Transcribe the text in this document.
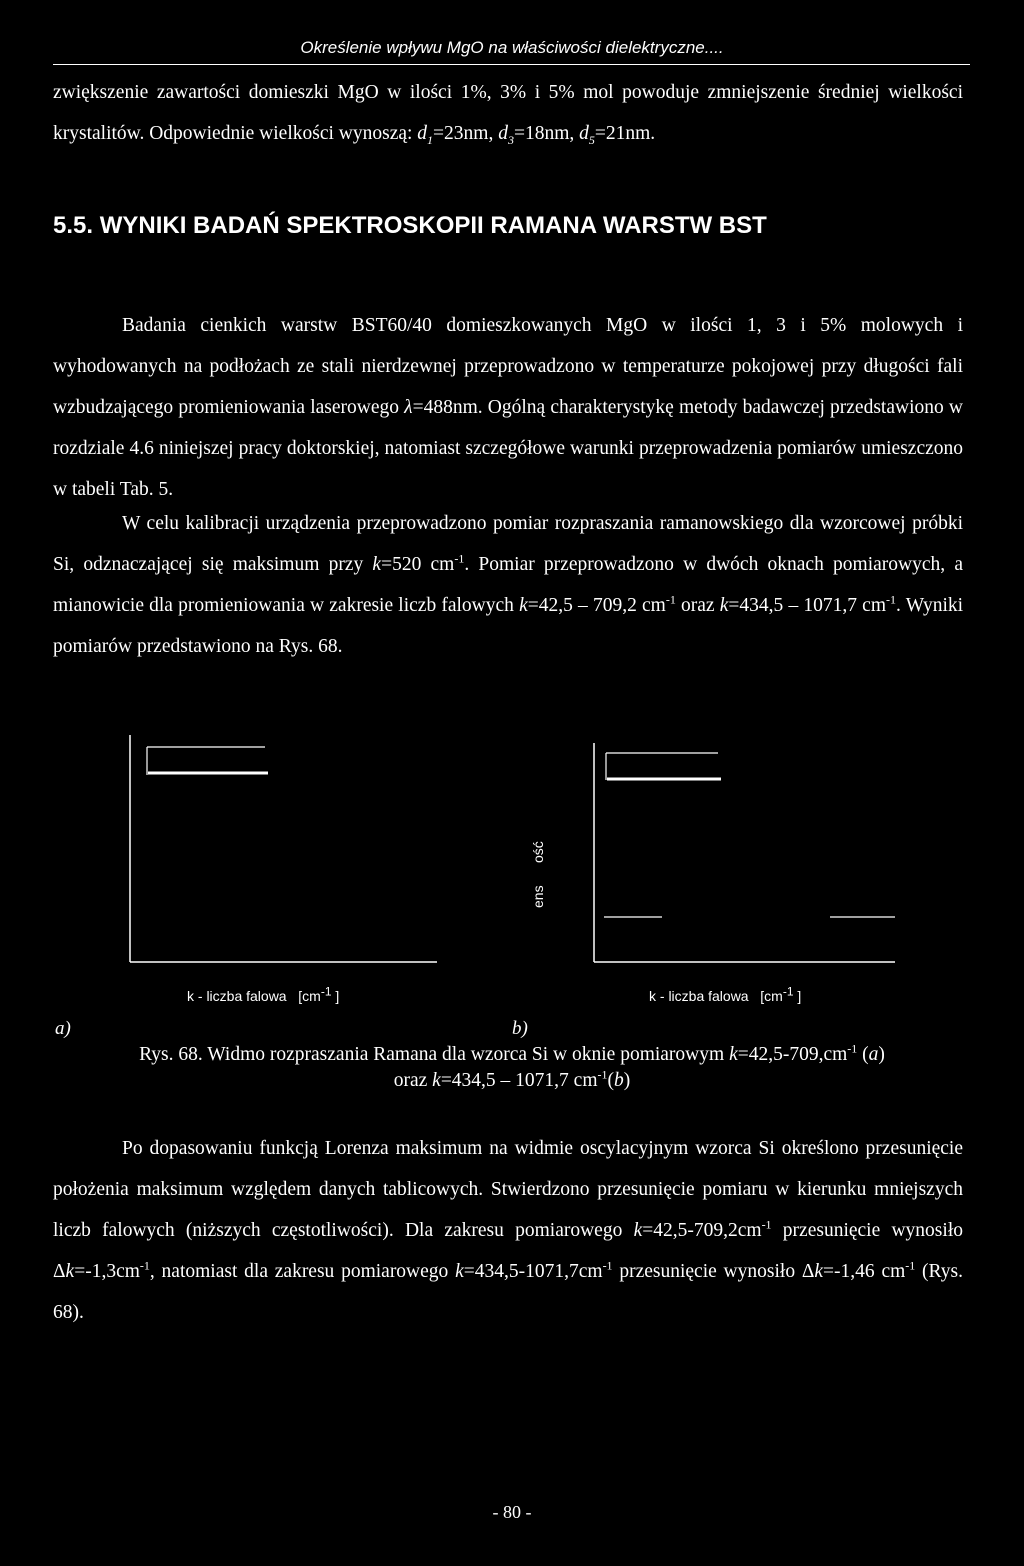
Określenie wpływu MgO na właściwości dielektryczne....
zwiększenie zawartości domieszki MgO w ilości 1%, 3% i 5% mol powoduje zmniejszenie średniej wielkości krystalitów. Odpowiednie wielkości wynoszą: $d_1=23nm$, $d_3=18nm$, $d_5=21nm$.
5.5. WYNIKI BADAŃ SPEKTROSKOPII RAMANA WARSTW BST
Badania cienkich warstw BST60/40 domieszkowanych MgO w ilości 1, 3 i 5% molowych i wyhodowanych na podłożach ze stali nierdzewnej przeprowadzono w temperaturze pokojowej przy długości fali wzbudzającego promieniowania laserowego λ=488nm. Ogólną charakterystykę metody badawczej przedstawiono w rozdziale 4.6 niniejszej pracy doktorskiej, natomiast szczegółowe warunki przeprowadzenia pomiarów umieszczono w tabeli Tab. 5.
W celu kalibracji urządzenia przeprowadzono pomiar rozpraszania ramanowskiego dla wzorcowej próbki Si, odznaczającej się maksimum przy k=520 $cm^{-1}$. Pomiar przeprowadzono w dwóch oknach pomiarowych, a mianowicie dla promieniowania w zakresie liczb falowych k=42,5 – 709,2 $cm^{-1}$ oraz k=434,5 – 1071,7 $cm^{-1}$. Wyniki pomiarów przedstawiono na Rys. 68.
ens
ość
k - liczba falowa [$cm^{-1}$ ]	k - liczba falowa [$cm^{-1}$ ]
a)	b)
Rys. 68. Widmo rozpraszania Ramana dla wzorca Si w oknie pomiarowym $k=42,5-709,cm^{-1}$ (a)
oraz k=434,5 – 1071,7 $cm^{-1}(b)$
Po dopasowaniu funkcją Lorenza maksimum na widmie oscylacyjnym wzorca Si określono przesunięcie położenia maksimum względem danych tablicowych. Stwierdzono przesunięcie pomiaru w kierunku mniejszych liczb falowych (niższych częstotliwości). Dla zakresu pomiarowego $k=42,5-709,2cm^{-1}$ przesunięcie wynosiło $\Delta k=-1,3cm^{-1}$, natomiast dla zakresu pomiarowego $k=434,5-1071,7cm^{-1}$ przesunięcie wynosiło Δk=-1,46 $cm^{-1}$ (Rys. 68).
- 80 -
